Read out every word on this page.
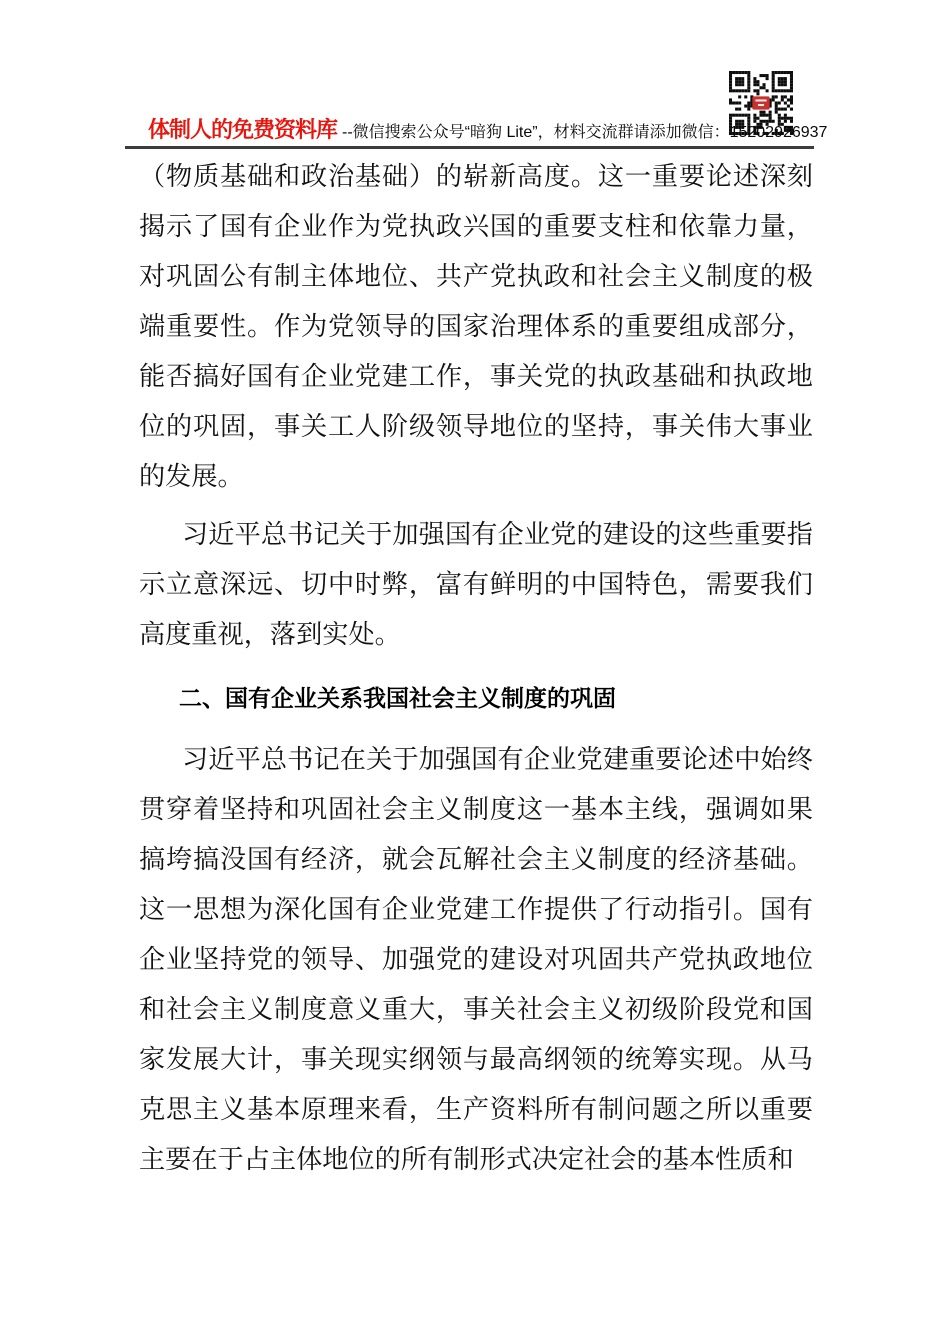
体制人的免费资料库 --微信搜索公众号“暗狗 Lite”，材料交流群请添加微信：15202926937

（物质基础和政治基础）的崭新高度。这一重要论述深刻揭示了国有企业作为党执政兴国的重要支柱和依靠力量，对巩固公有制主体地位、共产党执政和社会主义制度的极端重要性。作为党领导的国家治理体系的重要组成部分，能否搞好国有企业党建工作，事关党的执政基础和执政地位的巩固，事关工人阶级领导地位的坚持，事关伟大事业的发展。

习近平总书记关于加强国有企业党的建设的这些重要指示立意深远、切中时弊，富有鲜明的中国特色，需要我们高度重视，落到实处。

二、国有企业关系我国社会主义制度的巩固

习近平总书记在关于加强国有企业党建重要论述中始终贯穿着坚持和巩固社会主义制度这一基本主线，强调如果搞垮搞没国有经济，就会瓦解社会主义制度的经济基础。这一思想为深化国有企业党建工作提供了行动指引。国有企业坚持党的领导、加强党的建设对巩固共产党执政地位和社会主义制度意义重大，事关社会主义初级阶段党和国家发展大计，事关现实纲领与最高纲领的统筹实现。从马克思主义基本原理来看，生产资料所有制问题之所以重要主要在于占主体地位的所有制形式决定社会的基本性质和
